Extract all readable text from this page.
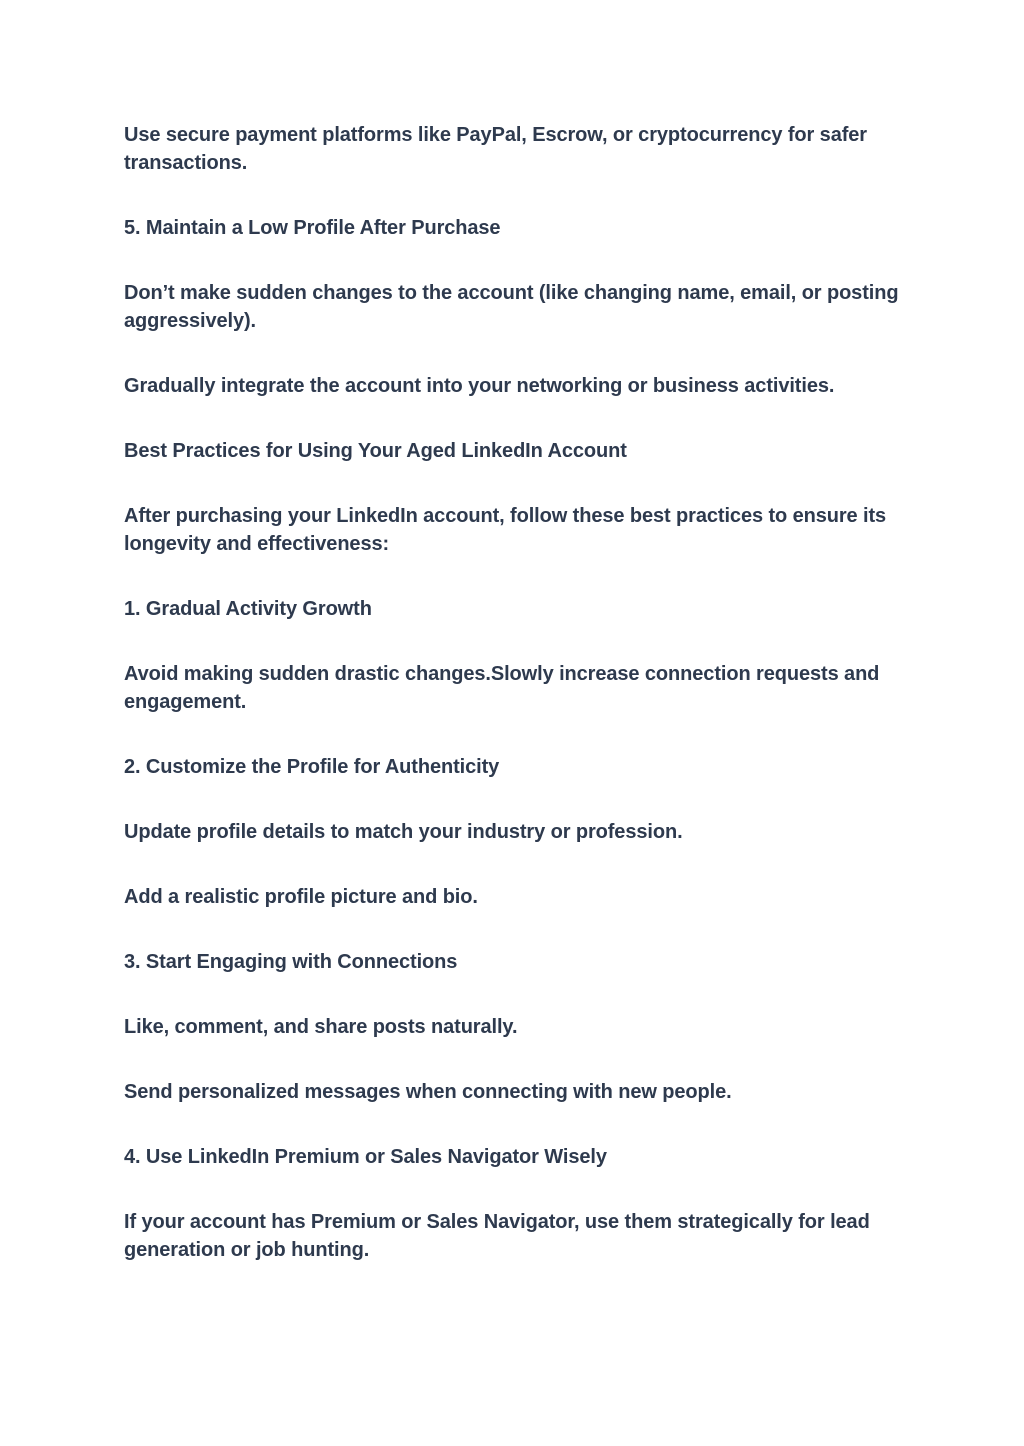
Use secure payment platforms like PayPal, Escrow, or cryptocurrency for safer transactions.

5. Maintain a Low Profile After Purchase

Don’t make sudden changes to the account (like changing name, email, or posting aggressively).

Gradually integrate the account into your networking or business activities.

Best Practices for Using Your Aged LinkedIn Account

After purchasing your LinkedIn account, follow these best practices to ensure its longevity and effectiveness:

1. Gradual Activity Growth

Avoid making sudden drastic changes.Slowly increase connection requests and engagement.

2. Customize the Profile for Authenticity

Update profile details to match your industry or profession.

Add a realistic profile picture and bio.

3. Start Engaging with Connections

Like, comment, and share posts naturally.

Send personalized messages when connecting with new people.

4. Use LinkedIn Premium or Sales Navigator Wisely

If your account has Premium or Sales Navigator, use them strategically for lead generation or job hunting.
